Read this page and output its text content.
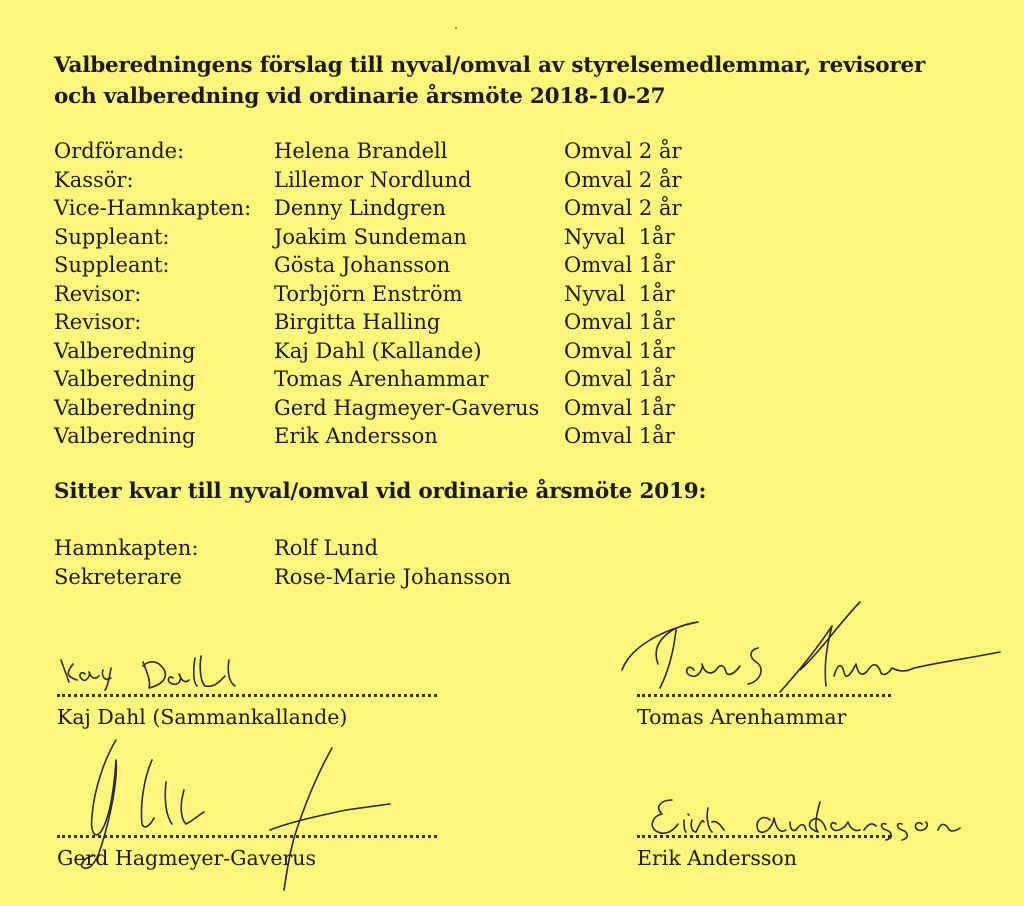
Valberedningens förslag till nyval/omval av styrelsemedlemmar, revisorer
och valberedning vid ordinarie årsmöte 2018-10-27
Ordförande:	Helena Brandell	Omval 2 år
Kassör:	Lillemor Nordlund	Omval 2 år
Vice-Hamnkapten: Denny Lindgren	Omval 2 år
Suppleant:	Joakim Sundeman	Nyval  1år
Suppleant:	Gösta Johansson	Omval 1år
Revisor:	Torbjörn Enström	Nyval  1år
Revisor:	Birgitta Halling	Omval 1år
Valberedning	Kaj Dahl (Kallande)	Omval 1år
Valberedning	Tomas Arenhammar	Omval 1år
Valberedning	Gerd Hagmeyer-Gaverus Omval 1år
Valberedning	Erik Andersson	Omval 1år
Sitter kvar till nyval/omval vid ordinarie årsmöte 2019:
Hamnkapten:	Rolf Lund
Sekreterare	Rose-Marie Johansson
Kaj Dahl (Sammankallande)	Tomas Arenhammar
Gerd Hagmeyer-Gaverus	Erik Andersson
